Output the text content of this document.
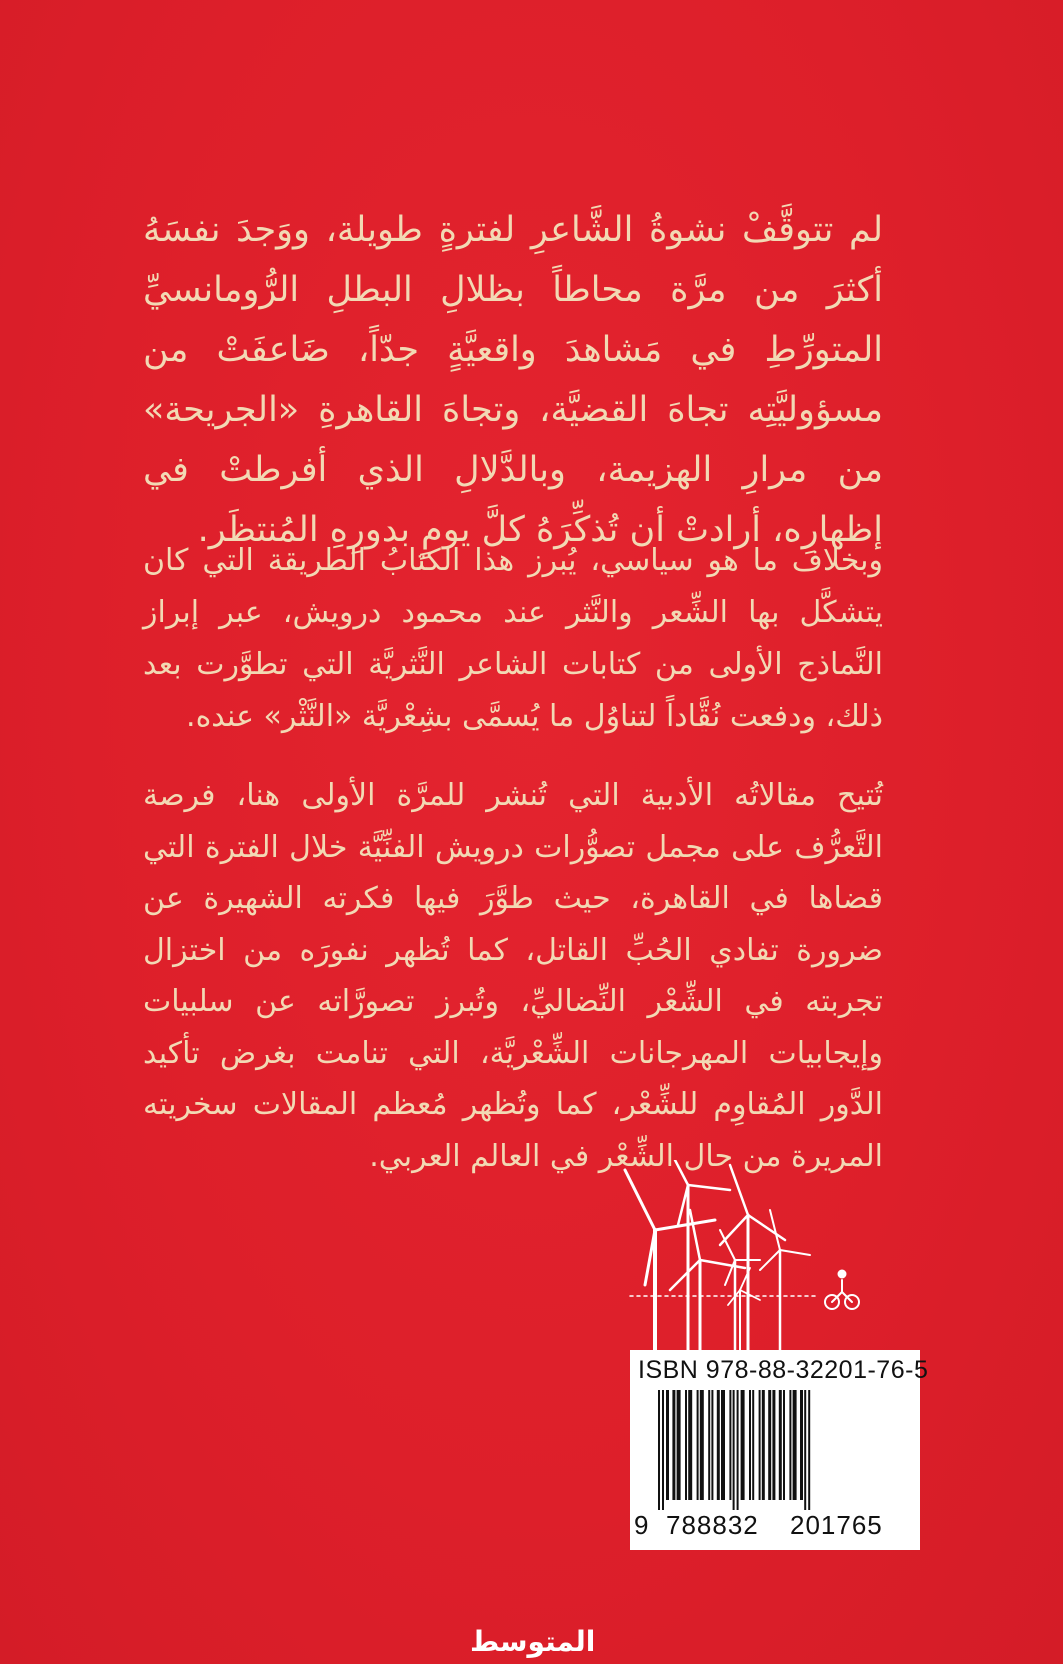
لم تتوقَّفْ نشوةُ الشَّاعرِ لفترةٍ طويلة، ووَجدَ نفسَهُ أكثرَ من مرَّة محاطاً بظلالِ البطلِ الرُّومانسيِّ المتورِّطِ في مَشاهدَ واقعيَّةٍ جدّاً، ضَاعفَتْ من مسؤوليَّتِه تجاهَ القضيَّة، وتجاهَ القاهرةِ «الجريحة» من مرارِ الهزيمة، وبالدَّلالِ الذي أفرطتْ في إظهارِه، أرادتْ أن تُذكِّرَهُ كلَّ يومٍ بدورِهِ المُنتظَر.

وبخلاف ما هو سياسي، يُبرز هذا الكتابُ الطريقة التي كان يتشكَّل بها الشِّعر والنَّثر عند محمود درويش، عبر إبراز النَّماذج الأولى من كتابات الشاعر النَّثريَّة التي تطوَّرت بعد ذلك، ودفعت نُقَّاداً لتناوُل ما يُسمَّى بشِعْريَّة «النَّثْر» عنده.

تُتيح مقالاتُه الأدبية التي تُنشر للمرَّة الأولى هنا، فرصة التَّعرُّف على مجمل تصوُّرات درويش الفنِّيَّة خلال الفترة التي قضاها في القاهرة، حيث طوَّرَ فيها فكرته الشهيرة عن ضرورة تفادي الحُبِّ القاتل، كما تُظهر نفورَه من اختزال تجربته في الشِّعْر النِّضاليِّ، وتُبرز تصورَّاته عن سلبيات وإيجابيات المهرجانات الشِّعْريَّة، التي تنامت بغرض تأكيد الدَّور المُقاوِم للشِّعْر، كما وتُظهر مُعظم المقالات سخريته المريرة من حال الشِّعْر في العالم العربي.

ISBN 978-88-32201-76-5
9 788832 201765
المتوسط
